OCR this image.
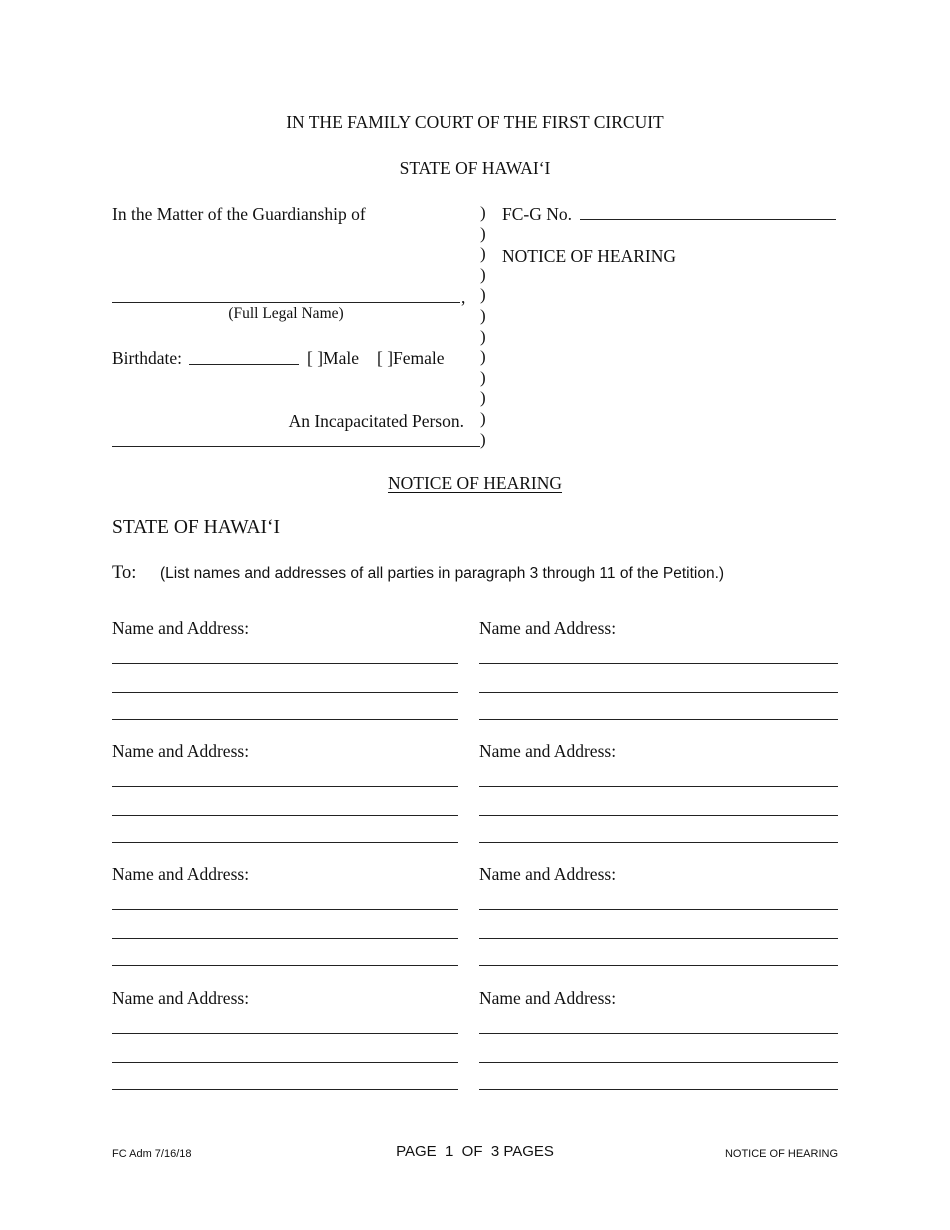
IN THE FAMILY COURT OF THE FIRST CIRCUIT
STATE OF HAWAI‘I
In the Matter of the Guardianship of
,
(Full Legal Name)
Birthdate:	[ ]Male [ ]Female
An Incapacitated Person.
)
)
)
)
)
)
)
)
)
)
)
)
FC-G No.
NOTICE OF HEARING
NOTICE OF HEARING
STATE OF HAWAI‘I
To: (List names and addresses of all parties in paragraph 3 through 11 of the Petition.)
Name and Address:	Name and Address:
Name and Address:	Name and Address:
Name and Address:	Name and Address:
Name and Address:	Name and Address:
FC Adm 7/16/18	PAGE  1  OF  3 PAGES	NOTICE OF HEARING
